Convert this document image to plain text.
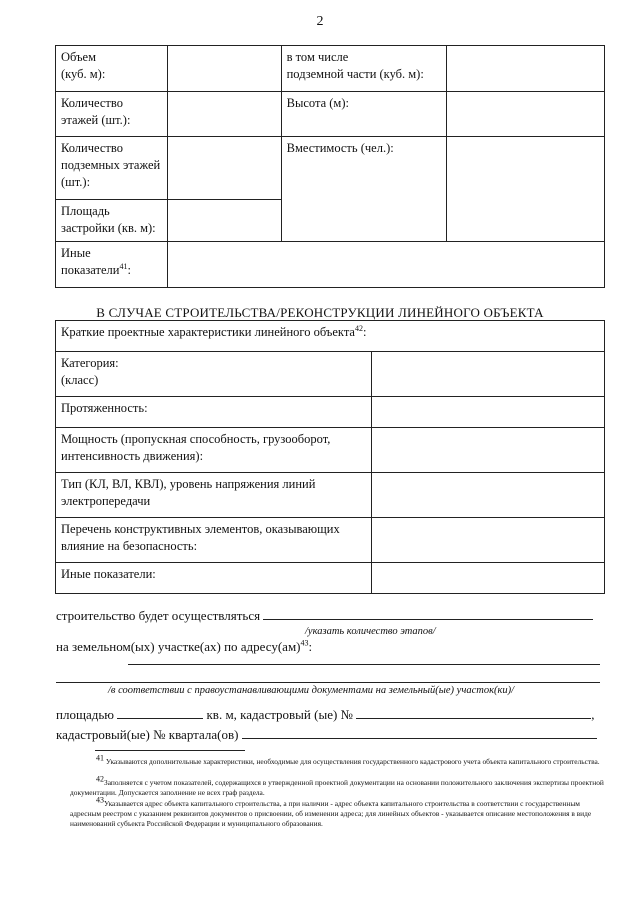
2
Объем
(куб. м):		в том числе
подземной части (куб. м):	
Количество
этажей (шт.):		Высота (м):	
Количество
подземных этажей
(шт.):		Вместимость (чел.):	
Площадь
застройки (кв. м):			
Иные
показатели$^{41}$:			
В СЛУЧАЕ СТРОИТЕЛЬСТВА/РЕКОНСТРУКЦИИ ЛИНЕЙНОГО ОБЪЕКТА
Краткие проектные характеристики линейного объекта$^{42}$:	
Категория:
(класс)	
Протяженность:	
Мощность (пропускная способность, грузооборот,
интенсивность движения):	
Тип (КЛ, ВЛ, КВЛ), уровень напряжения линий
электропередачи	
Перечень конструктивных элементов, оказывающих
влияние на безопасность:	
Иные показатели:	
строительство будет осуществляться
/указать количество этапов/
на земельном(ых) участке(ах) по адресу(ам)$^{43}$:
/в соответствии с правоустанавливающими документами на земельный(ые) участок(ки)/
площадью	кв. м, кадастровый (ые) №	,
кадастровый(ые) № квартала(ов)
$^{41}$ Указываются дополнительные характеристики, необходимые для осуществления государственного кадастрового учета объекта капитального строительства.
$^{42}$Заполняется с учетом показателей, содержащихся в утвержденной проектной документации на основании положительного заключения экспертизы проектной документации. Допускается заполнение не всех граф раздела.
$^{43}$Указывается адрес объекта капитального строительства, а при наличии - адрес объекта капитального строительства в соответствии с государственным адресным реестром с указанием реквизитов документов о присвоении, об изменении адреса; для линейных объектов - указывается описание местоположения в виде наименований субъекта Российской Федерации и муниципального образования.
